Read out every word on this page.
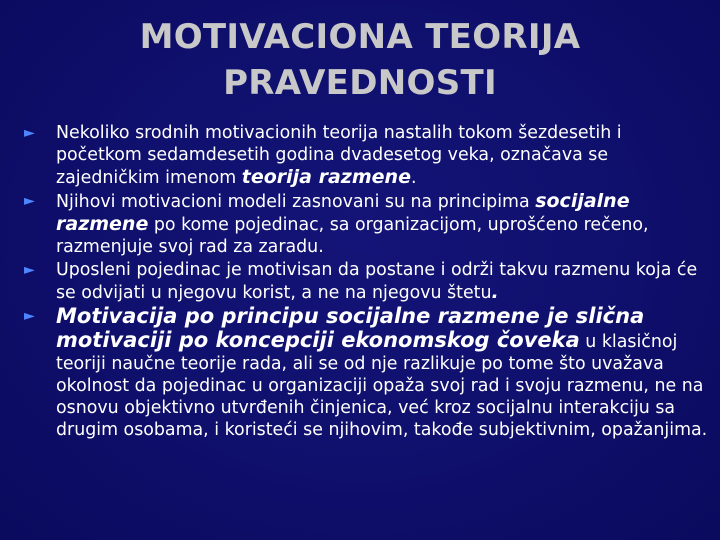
MOTIVACIONA TEORIJA
PRAVEDNOSTI
► Nekoliko srodnih motivacionih teorija nastalih tokom šezdesetih i početkom sedamdesetih godina dvadesetog veka, označava se zajedničkim imenom teorija razmene.
► Njihovi motivacioni modeli zasnovani su na principima socijalne razmene po kome pojedinac, sa organizacijom, uprošćeno rečeno, razmenjuje svoj rad za zaradu.
► Uposleni pojedinac je motivisan da postane i održi takvu razmenu koja će se odvijati u njegovu korist, a ne na njegovu štetu.
► Motivacija po principu socijalne razmene je slična motivaciji po koncepciji ekonomskog čoveka u klasičnoj teoriji naučne teorije rada, ali se od nje razlikuje po tome što uvažava okolnost da pojedinac u organizaciji opaža svoj rad i svoju razmenu, ne na osnovu objektivno utvrđenih činjenica, već kroz socijalnu interakciju sa drugim osobama, i koristeći se njihovim, takođe subjektivnim, opažanjima.
